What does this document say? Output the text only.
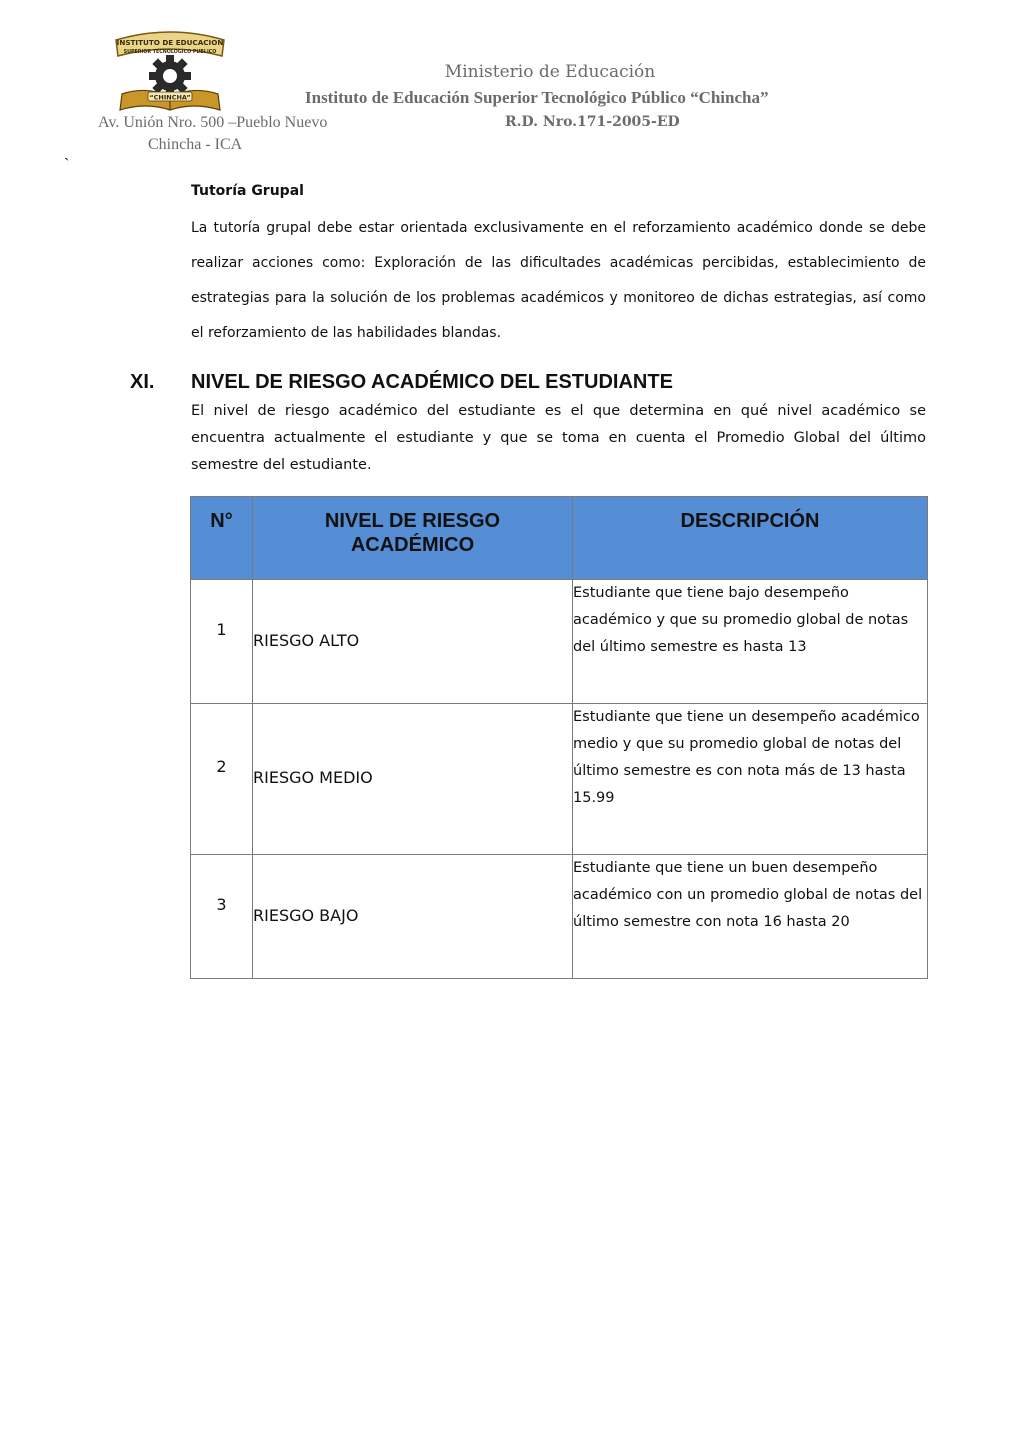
INSTITUTO DE EDUCACION
SUPERIOR TECNOLOGICO PUBLICO
“CHINCHA”
Ministerio de Educación
Instituto de Educación Superior Tecnológico Público “Chincha”
Av. Unión Nro. 500 –Pueblo Nuevo	R.D. Nro.171-2005-ED
Chincha - ICA
`
Tutoría Grupal
La tutoría grupal debe estar orientada exclusivamente en el reforzamiento académico donde se debe realizar acciones como: Exploración de las dificultades académicas percibidas, establecimiento de estrategias para la solución de los problemas académicos y monitoreo de dichas estrategias, así como el reforzamiento de las habilidades blandas.
XI. NIVEL DE RIESGO ACADÉMICO DEL ESTUDIANTE
El nivel de riesgo académico del estudiante es el que determina en qué nivel académico se encuentra actualmente el estudiante y que se toma en cuenta el Promedio Global del último semestre del estudiante.
N°	NIVEL DE RIESGO ACADÉMICO	DESCRIPCIÓN

1	RIESGO ALTO	Estudiante que tiene bajo desempeño académico y que su promedio global de notas del último semestre es hasta 13

2	RIESGO MEDIO	Estudiante que tiene un desempeño académico medio y que su promedio global de notas del último semestre es con nota más de 13 hasta 15.99

3	RIESGO BAJO	Estudiante que tiene un buen desempeño académico con un promedio global de notas del último semestre con nota 16 hasta 20
